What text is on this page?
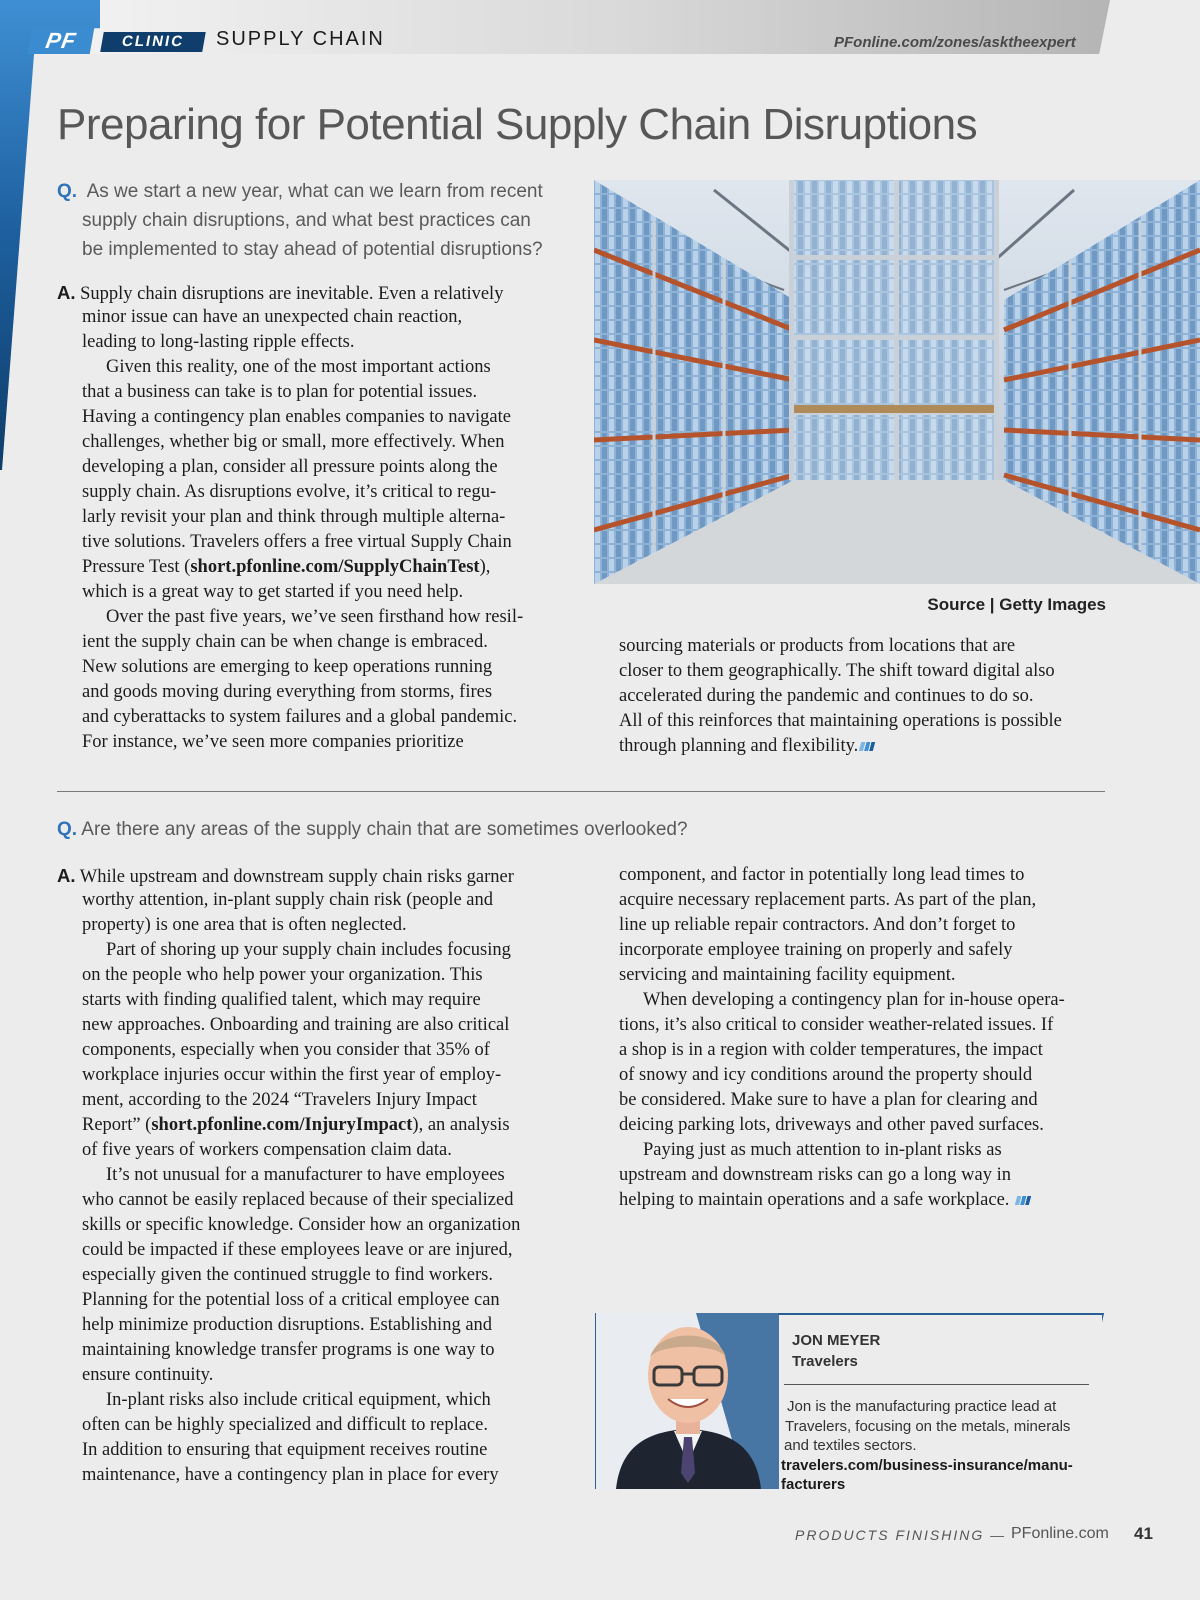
PF	CLINIC	SUPPLY CHAIN	PFonline.com/zones/asktheexpert
Preparing for Potential Supply Chain Disruptions
Q. As we start a new year, what can we learn from recent
supply chain disruptions, and what best practices can
be implemented to stay ahead of potential disruptions?
A. Supply chain disruptions are inevitable. Even a relatively
minor issue can have an unexpected chain reaction,
leading to long-lasting ripple effects.
Given this reality, one of the most important actions
that a business can take is to plan for potential issues.
Having a contingency plan enables companies to navigate
challenges, whether big or small, more effectively. When
developing a plan, consider all pressure points along the
supply chain. As disruptions evolve, it’s critical to regu-
larly revisit your plan and think through multiple alterna-
tive solutions. Travelers offers a free virtual Supply Chain
Pressure Test (short.pfonline.com/SupplyChainTest),
which is a great way to get started if you need help.
Over the past five years, we’ve seen firsthand how resil-
ient the supply chain can be when change is embraced.
New solutions are emerging to keep operations running
and goods moving during everything from storms, fires
and cyberattacks to system failures and a global pandemic.
For instance, we’ve seen more companies prioritize
Source | Getty Images
sourcing materials or products from locations that are
closer to them geographically. The shift toward digital also
accelerated during the pandemic and continues to do so.
All of this reinforces that maintaining operations is possible
through planning and flexibility.
Q. Are there any areas of the supply chain that are sometimes overlooked?
A. While upstream and downstream supply chain risks garner
worthy attention, in-plant supply chain risk (people and
property) is one area that is often neglected.
Part of shoring up your supply chain includes focusing
on the people who help power your organization. This
starts with finding qualified talent, which may require
new approaches. Onboarding and training are also critical
components, especially when you consider that 35% of
workplace injuries occur within the first year of employ-
ment, according to the 2024 “Travelers Injury Impact
Report” (short.pfonline.com/InjuryImpact), an analysis
of five years of workers compensation claim data.
It’s not unusual for a manufacturer to have employees
who cannot be easily replaced because of their specialized
skills or specific knowledge. Consider how an organization
could be impacted if these employees leave or are injured,
especially given the continued struggle to find workers.
Planning for the potential loss of a critical employee can
help minimize production disruptions. Establishing and
maintaining knowledge transfer programs is one way to
ensure continuity.
In-plant risks also include critical equipment, which
often can be highly specialized and difficult to replace.
In addition to ensuring that equipment receives routine
maintenance, have a contingency plan in place for every
component, and factor in potentially long lead times to
acquire necessary replacement parts. As part of the plan,
line up reliable repair contractors. And don’t forget to
incorporate employee training on properly and safely
servicing and maintaining facility equipment.
When developing a contingency plan for in-house opera-
tions, it’s also critical to consider weather-related issues. If
a shop is in a region with colder temperatures, the impact
of snowy and icy conditions around the property should
be considered. Make sure to have a plan for clearing and
deicing parking lots, driveways and other paved surfaces.
Paying just as much attention to in-plant risks as
upstream and downstream risks can go a long way in
helping to maintain operations and a safe workplace.
JON MEYER
Travelers
Jon is the manufacturing practice lead at
Travelers, focusing on the metals, minerals
and textiles sectors.
travelers.com/business-insurance/manu-
facturers
PRODUCTS FINISHING — PFonline.com 41
